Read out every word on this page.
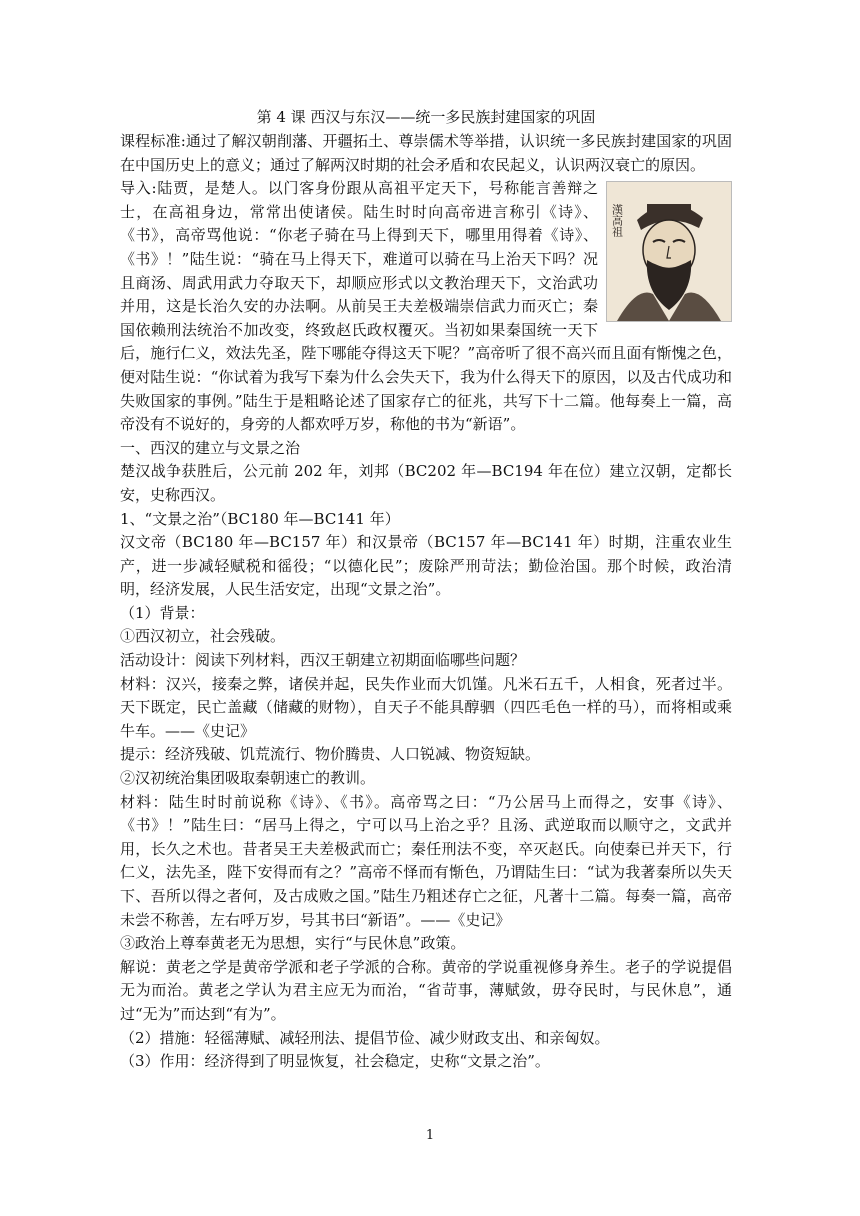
第 4 课 西汉与东汉——统一多民族封建国家的巩固

课程标准:通过了解汉朝削藩、开疆拓土、尊崇儒术等举措，认识统一多民族封建国家的巩固在中国历史上的意义；通过了解两汉时期的社会矛盾和农民起义，认识两汉衰亡的原因。

漢高祖

导入:陆贾，是楚人。以门客身份跟从高祖平定天下，号称能言善辩之士，在高祖身边，常常出使诸侯。陆生时时向高帝进言称引《诗》、《书》，高帝骂他说：“你老子骑在马上得到天下，哪里用得着《诗》、《书》！”陆生说：“骑在马上得天下，难道可以骑在马上治天下吗？况且商汤、周武用武力夺取天下，却顺应形式以文教治理天下，文治武功并用，这是长治久安的办法啊。从前吴王夫差极端崇信武力而灭亡；秦国依赖刑法统治不加改变，终致赵氏政权覆灭。当初如果秦国统一天下后，施行仁义，效法先圣，陛下哪能夺得这天下呢？”高帝听了很不高兴而且面有惭愧之色，便对陆生说：“你试着为我写下秦为什么会失天下，我为什么得天下的原因，以及古代成功和失败国家的事例。”陆生于是粗略论述了国家存亡的征兆，共写下十二篇。他每奏上一篇，高帝没有不说好的，身旁的人都欢呼万岁，称他的书为“新语”。

一、西汉的建立与文景之治

楚汉战争获胜后，公元前 202 年，刘邦（BC202 年—BC194 年在位）建立汉朝，定都长安，史称西汉。

1、“文景之治”（BC180 年—BC141 年）

汉文帝（BC180 年—BC157 年）和汉景帝（BC157 年—BC141 年）时期，注重农业生产，进一步减轻赋税和徭役；“以德化民”；废除严刑苛法；勤俭治国。那个时候，政治清明，经济发展，人民生活安定，出现“文景之治”。

（1）背景：

①西汉初立，社会残破。

活动设计：阅读下列材料，西汉王朝建立初期面临哪些问题？

材料：汉兴，接秦之弊，诸侯并起，民失作业而大饥馑。凡米石五千，人相食，死者过半。天下既定，民亡盖藏（储藏的财物），自天子不能具醇驷（四匹毛色一样的马），而将相或乘牛车。——《史记》

提示：经济残破、饥荒流行、物价腾贵、人口锐减、物资短缺。

②汉初统治集团吸取秦朝速亡的教训。

材料：陆生时时前说称《诗》、《书》。高帝骂之曰：“乃公居马上而得之，安事《诗》、《书》！”陆生曰：“居马上得之，宁可以马上治之乎？且汤、武逆取而以顺守之，文武并用，长久之术也。昔者吴王夫差极武而亡；秦任刑法不变，卒灭赵氏。向使秦已并天下，行仁义，法先圣，陛下安得而有之？”高帝不怿而有惭色，乃谓陆生曰：“试为我著秦所以失天下、吾所以得之者何，及古成败之国。”陆生乃粗述存亡之征，凡著十二篇。每奏一篇，高帝未尝不称善，左右呼万岁，号其书曰“新语”。——《史记》

③政治上尊奉黄老无为思想，实行“与民休息”政策。

解说：黄老之学是黄帝学派和老子学派的合称。黄帝的学说重视修身养生。老子的学说提倡无为而治。黄老之学认为君主应无为而治，“省苛事，薄赋敛，毋夺民时，与民休息”，通过“无为”而达到“有为”。

（2）措施：轻徭薄赋、减轻刑法、提倡节俭、减少财政支出、和亲匈奴。

（3）作用：经济得到了明显恢复，社会稳定，史称“文景之治”。

1
